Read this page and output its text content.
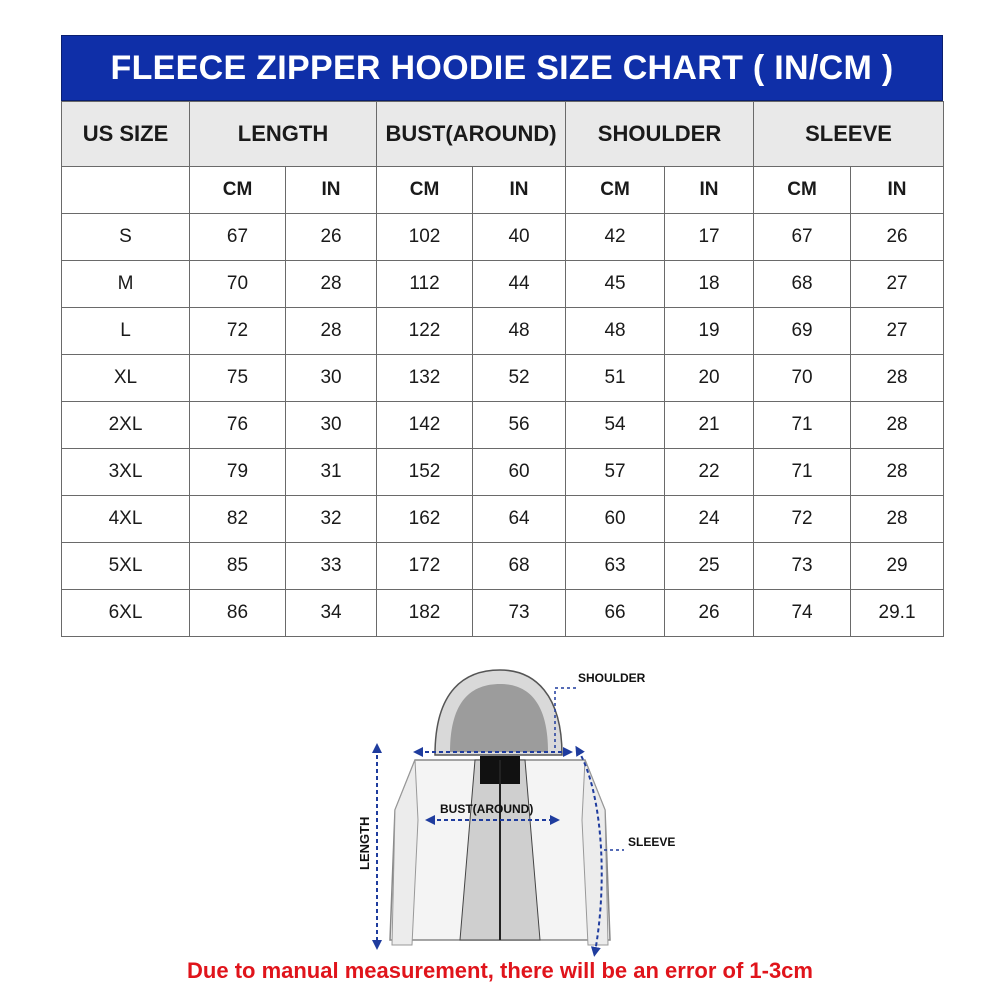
FLEECE ZIPPER HOODIE SIZE CHART ( IN/CM )
US SIZE	LENGTH		BUST(AROUND)		SHOULDER		SLEEVE	
	CM	IN	CM	IN	CM	IN	CM	IN
S	67	26	102	40	42	17	67	26
M	70	28	112	44	45	18	68	27
L	72	28	122	48	48	19	69	27
XL	75	30	132	52	51	20	70	28
2XL	76	30	142	56	54	21	71	28
3XL	79	31	152	60	57	22	71	28
4XL	82	32	162	64	60	24	72	28
5XL	85	33	172	68	63	25	73	29
6XL	86	34	182	73	66	26	74	29.1
SHOULDER
BUST(AROUND)
SLEEVE
LENGTH
Due to manual measurement, there will be an error of 1-3cm
